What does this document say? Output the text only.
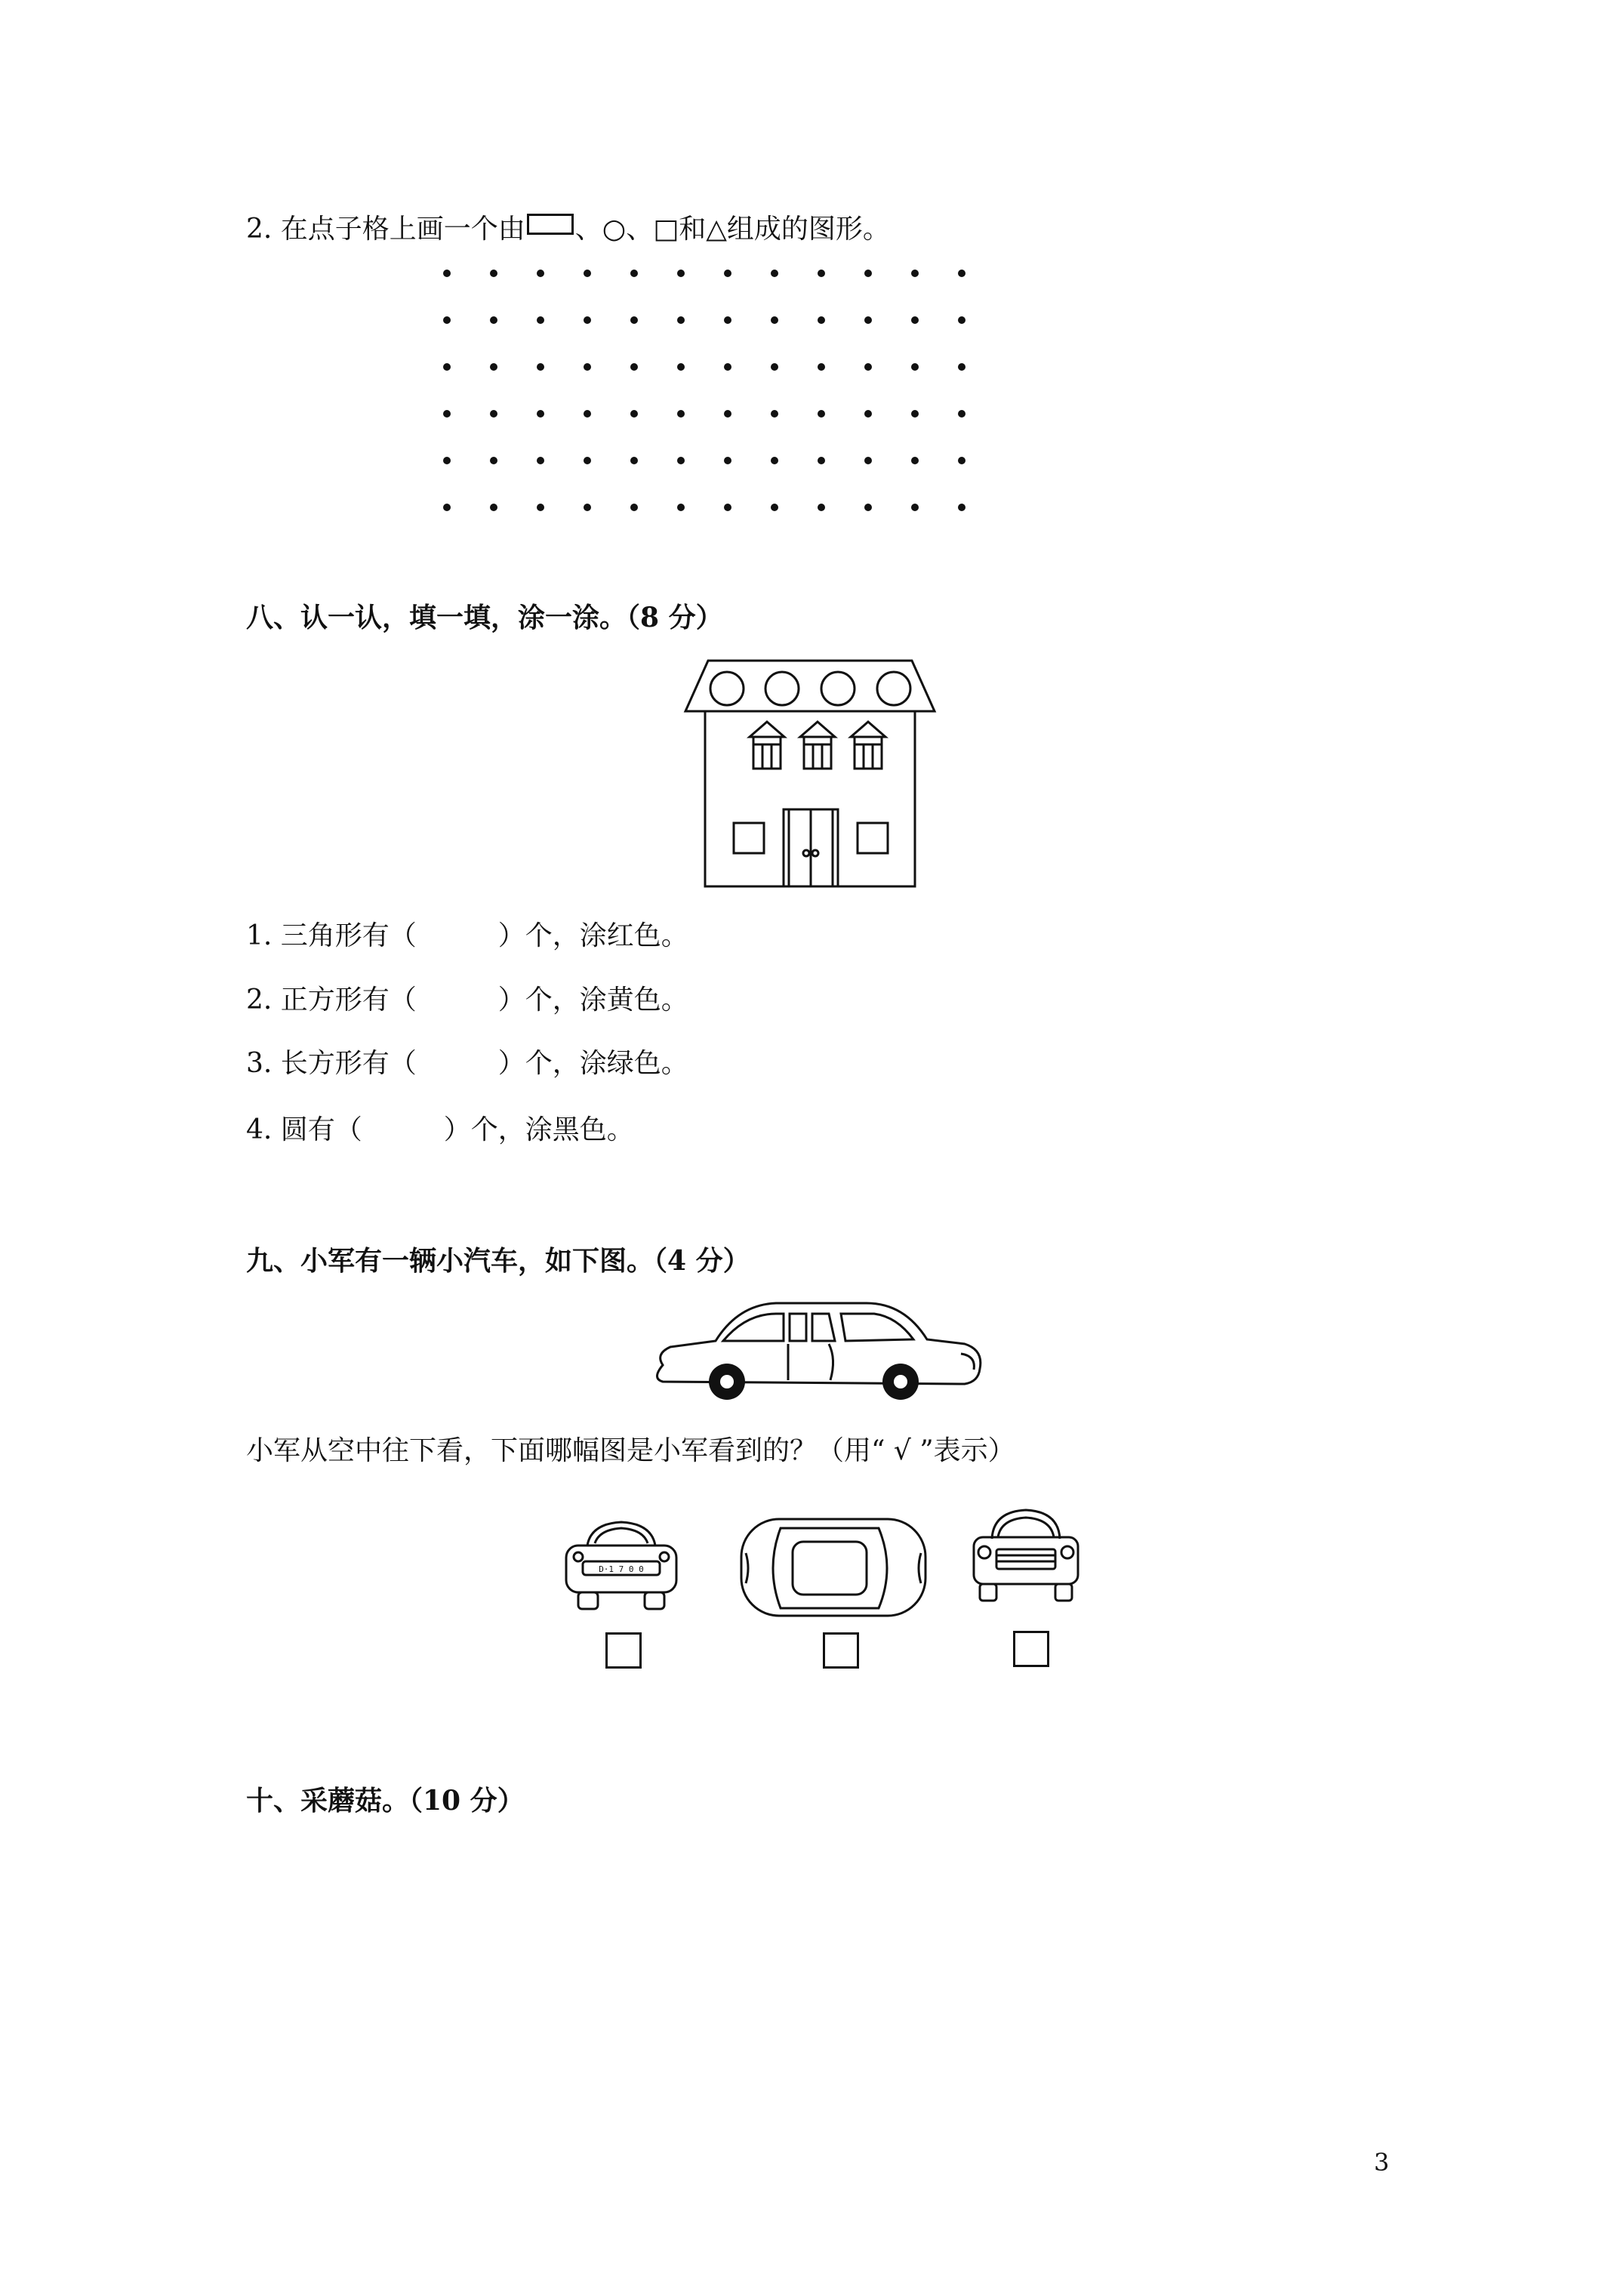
2. 在点子格上画一个由 、○、□和△组成的图形。
八、认一认，填一填，涂一涂。（8 分）
1. 三角形有（　　　）个，涂红色。
2. 正方形有（　　　）个，涂黄色。
3. 长方形有（　　　）个，涂绿色。
4. 圆有（　　　）个，涂黑色。
九、小军有一辆小汽车，如下图。（4 分）
小军从空中往下看，下面哪幅图是小军看到的？（用“ √ ”表示）
D·1 7 0 0
十、采蘑菇。（10 分）
3
